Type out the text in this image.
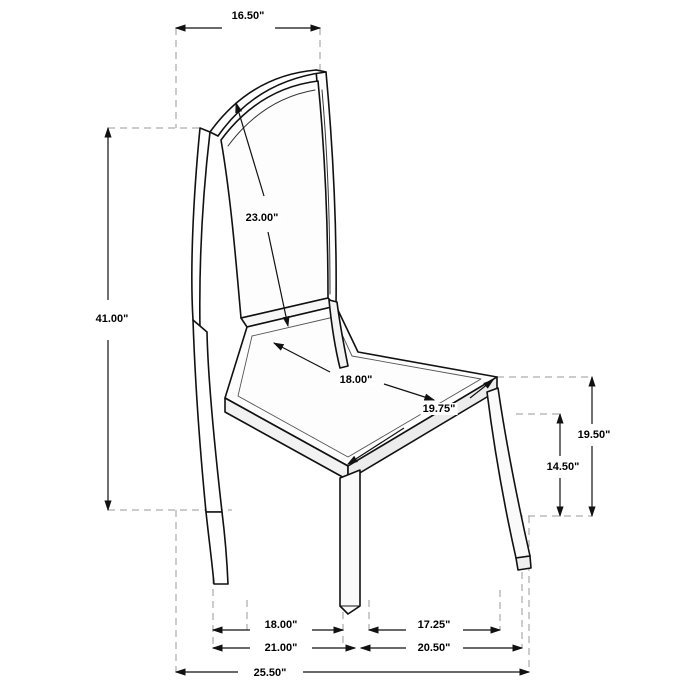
16.50"
23.00"
41.00"
18.00"
19.75"
19.50"
14.50"
18.00"	17.25"
21.00"	20.50"
25.50"
